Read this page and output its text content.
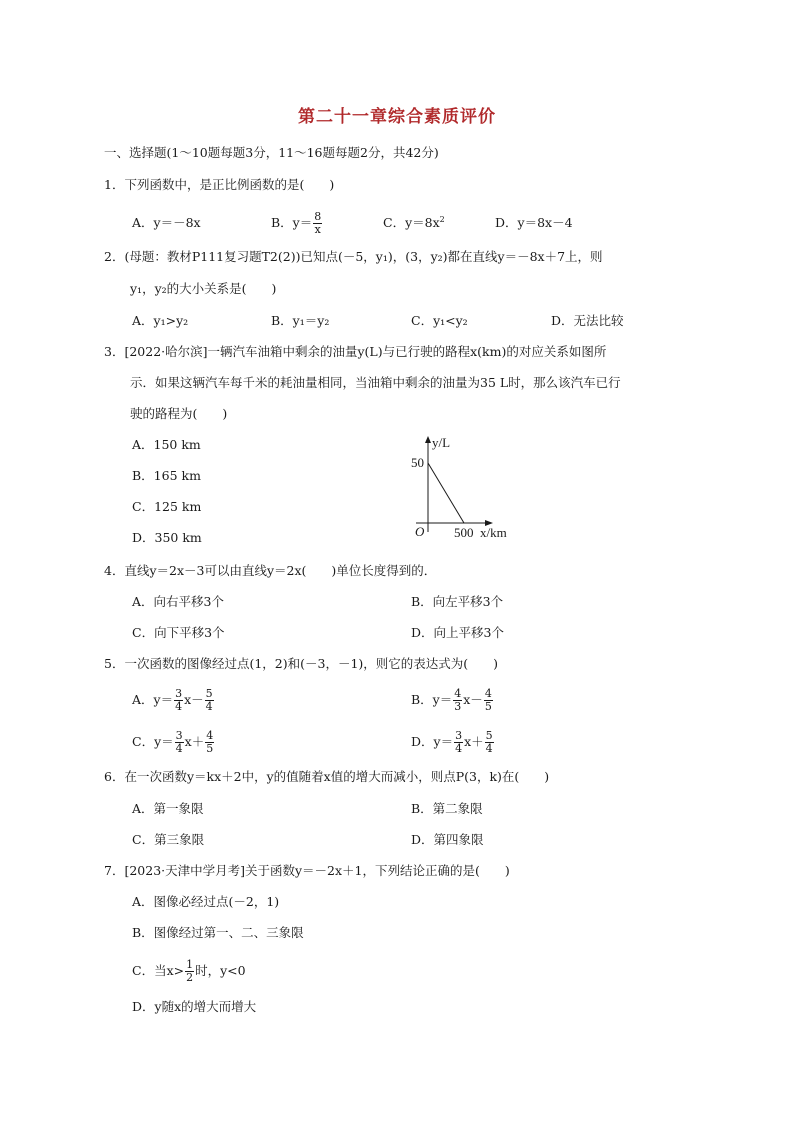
第二十一章综合素质评价
一、选择题(1～10题每题3分，11～16题每题2分，共42分)
1．下列函数中，是正比例函数的是(　　)
A．y＝－8x	B．$y= \frac{8}{x}$	C．$y=8x^2$	D．y＝8x－4
2．(母题：教材P111复习题T2(2))已知点(－5，y₁)，(3，y₂)都在直线y＝－8x＋7上，则
y₁，y₂的大小关系是(　　)
A．y₁>y₂	B．y₁＝y₂	C．y₁<y₂	D．无法比较
3．[2022·哈尔滨]一辆汽车油箱中剩余的油量y(L)与已行驶的路程x(km)的对应关系如图所
示．如果这辆汽车每千米的耗油量相同，当油箱中剩余的油量为35 L时，那么该汽车已行
驶的路程为(　　)
A．150 km
B．165 km
C．125 km
D．350 km
y/L
50
O 500 x/km
4．直线y＝2x－3可以由直线y＝2x(　　)单位长度得到的．
A．向右平移3个	B．向左平移3个
C．向下平移3个	D．向上平移3个
5．一次函数的图像经过点(1，2)和(－3，－1)，则它的表达式为(　　)
A．$y= \frac{3}{4} x- \frac{5}{4}$	B．$y= \frac{4}{3} x- \frac{4}{5}$
C．$y= \frac{3}{4} x+ \frac{4}{5}$	D．$y= \frac{3}{4} x+ \frac{5}{4}$
6．在一次函数y＝kx＋2中，y的值随着x值的增大而减小，则点P(3，k)在(　　)
A．第一象限	B．第二象限
C．第三象限	D．第四象限
7．[2023·天津中学月考]关于函数y＝－2x＋1，下列结论正确的是(　　)
A．图像必经过点(－2，1)
B．图像经过第一、二、三象限
C．当$x> \frac{1}{2}$ 时，y<0
D．y随x的增大而增大
